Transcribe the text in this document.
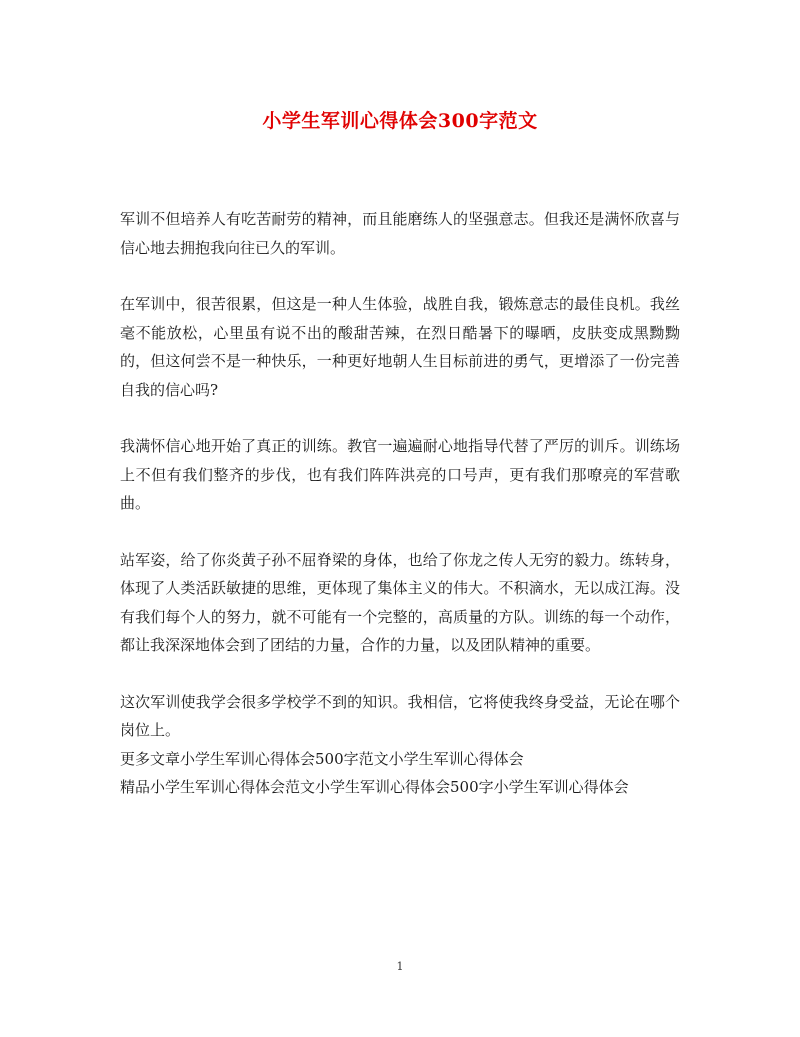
小学生军训心得体会300字范文

军训不但培养人有吃苦耐劳的精神，而且能磨练人的坚强意志。但我还是满怀欣喜与信心地去拥抱我向往已久的军训。

在军训中，很苦很累，但这是一种人生体验，战胜自我，锻炼意志的最佳良机。我丝毫不能放松，心里虽有说不出的酸甜苦辣，在烈日酷暑下的曝晒，皮肤变成黑黝黝的，但这何尝不是一种快乐，一种更好地朝人生目标前进的勇气，更增添了一份完善自我的信心吗?

我满怀信心地开始了真正的训练。教官一遍遍耐心地指导代替了严厉的训斥。训练场上不但有我们整齐的步伐，也有我们阵阵洪亮的口号声，更有我们那嘹亮的军营歌曲。

站军姿，给了你炎黄子孙不屈脊梁的身体，也给了你龙之传人无穷的毅力。练转身，体现了人类活跃敏捷的思维，更体现了集体主义的伟大。不积滴水，无以成江海。没有我们每个人的努力，就不可能有一个完整的，高质量的方队。训练的每一个动作，都让我深深地体会到了团结的力量，合作的力量，以及团队精神的重要。

这次军训使我学会很多学校学不到的知识。我相信，它将使我终身受益，无论在哪个岗位上。

更多文章小学生军训心得体会500字范文小学生军训心得体会

精品小学生军训心得体会范文小学生军训心得体会500字小学生军训心得体会

1
